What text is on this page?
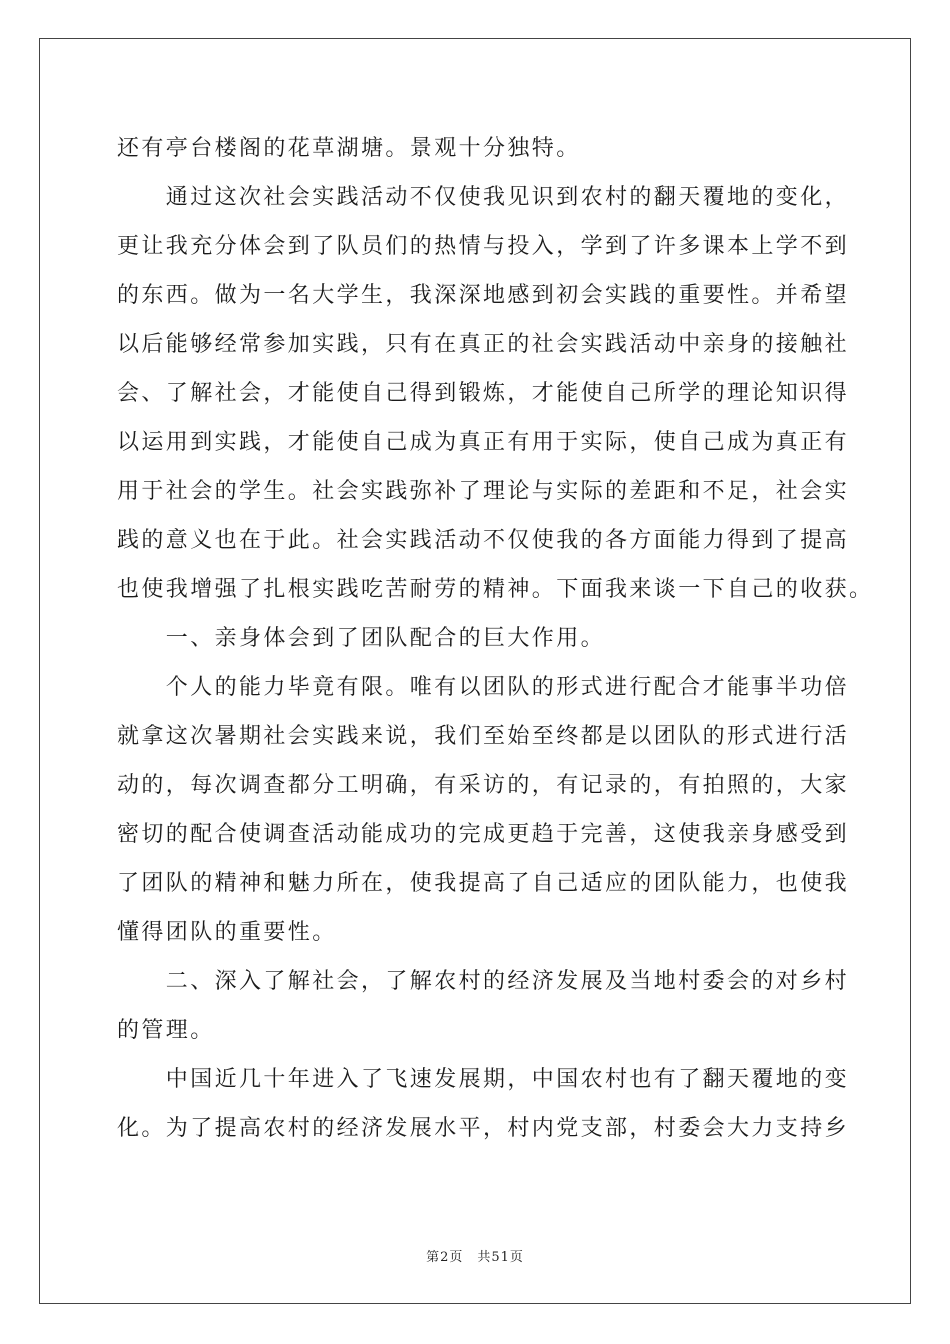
还有亭台楼阁的花草湖塘。景观十分独特。
　　通过这次社会实践活动不仅使我见识到农村的翻天覆地的变化，
更让我充分体会到了队员们的热情与投入，学到了许多课本上学不到
的东西。做为一名大学生，我深深地感到初会实践的重要性。并希望
以后能够经常参加实践，只有在真正的社会实践活动中亲身的接触社
会、了解社会，才能使自己得到锻炼，才能使自己所学的理论知识得
以运用到实践，才能使自己成为真正有用于实际，使自己成为真正有
用于社会的学生。社会实践弥补了理论与实际的差距和不足，社会实
践的意义也在于此。社会实践活动不仅使我的各方面能力得到了提高
也使我增强了扎根实践吃苦耐劳的精神。下面我来谈一下自己的收获。
　　一、亲身体会到了团队配合的巨大作用。
　　个人的能力毕竟有限。唯有以团队的形式进行配合才能事半功倍
就拿这次暑期社会实践来说，我们至始至终都是以团队的形式进行活
动的，每次调查都分工明确，有采访的，有记录的，有拍照的，大家
密切的配合使调查活动能成功的完成更趋于完善，这使我亲身感受到
了团队的精神和魅力所在，使我提高了自己适应的团队能力，也使我
懂得团队的重要性。
　　二、深入了解社会，了解农村的经济发展及当地村委会的对乡村
的管理。
　　中国近几十年进入了飞速发展期，中国农村也有了翻天覆地的变
化。为了提高农村的经济发展水平，村内党支部，村委会大力支持乡
第2页　共51页
